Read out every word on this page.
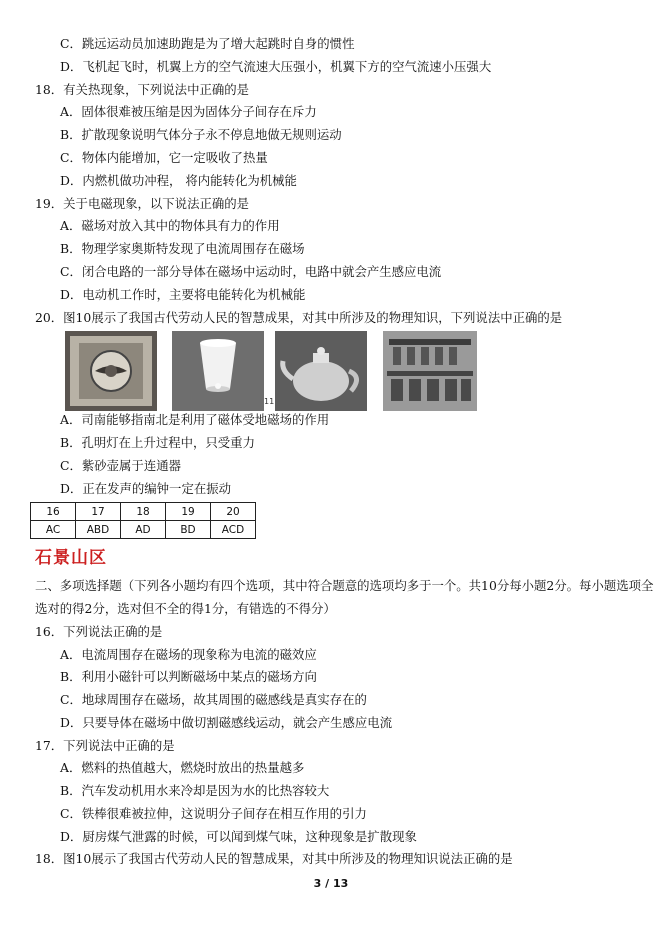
C．跳远运动员加速助跑是为了增大起跳时自身的惯性
D．飞机起飞时，机翼上方的空气流速大压强小，机翼下方的空气流速小压强大
18．有关热现象，下列说法中正确的是
A．固体很难被压缩是因为固体分子间存在斥力
B．扩散现象说明气体分子永不停息地做无规则运动
C．物体内能增加，它一定吸收了热量
D．内燃机做功冲程， 将内能转化为机械能
19．关于电磁现象，以下说法正确的是
A．磁场对放入其中的物体具有力的作用
B．物理学家奥斯特发现了电流周围存在磁场
C．闭合电路的一部分导体在磁场中运动时，电路中就会产生感应电流
D．电动机工作时，主要将电能转化为机械能
20．图10展示了我国古代劳动人民的智慧成果，对其中所涉及的物理知识，下列说法中正确的是
11
A．司南能够指南北是利用了磁体受地磁场的作用
B．孔明灯在上升过程中，只受重力
C．紫砂壶属于连通器
D．正在发声的编钟一定在振动
16	17	18	19	20
AC	ABD	AD	BD	ACD
石景山区
二、多项选择题（下列各小题均有四个选项，其中符合题意的选项均多于一个。共10分每小题2分。每小题选项全
选对的得2分，选对但不全的得1分，有错选的不得分）
16．下列说法正确的是
A．电流周围存在磁场的现象称为电流的磁效应
B．利用小磁针可以判断磁场中某点的磁场方向
C．地球周围存在磁场，故其周围的磁感线是真实存在的
D．只要导体在磁场中做切割磁感线运动，就会产生感应电流
17．下列说法中正确的是
A．燃料的热值越大，燃烧时放出的热量越多
B．汽车发动机用水来冷却是因为水的比热容较大
C．铁棒很难被拉伸，这说明分子间存在相互作用的引力
D．厨房煤气泄露的时候，可以闻到煤气味，这种现象是扩散现象
18．图10展示了我国古代劳动人民的智慧成果，对其中所涉及的物理知识说法正确的是
3 / 13
